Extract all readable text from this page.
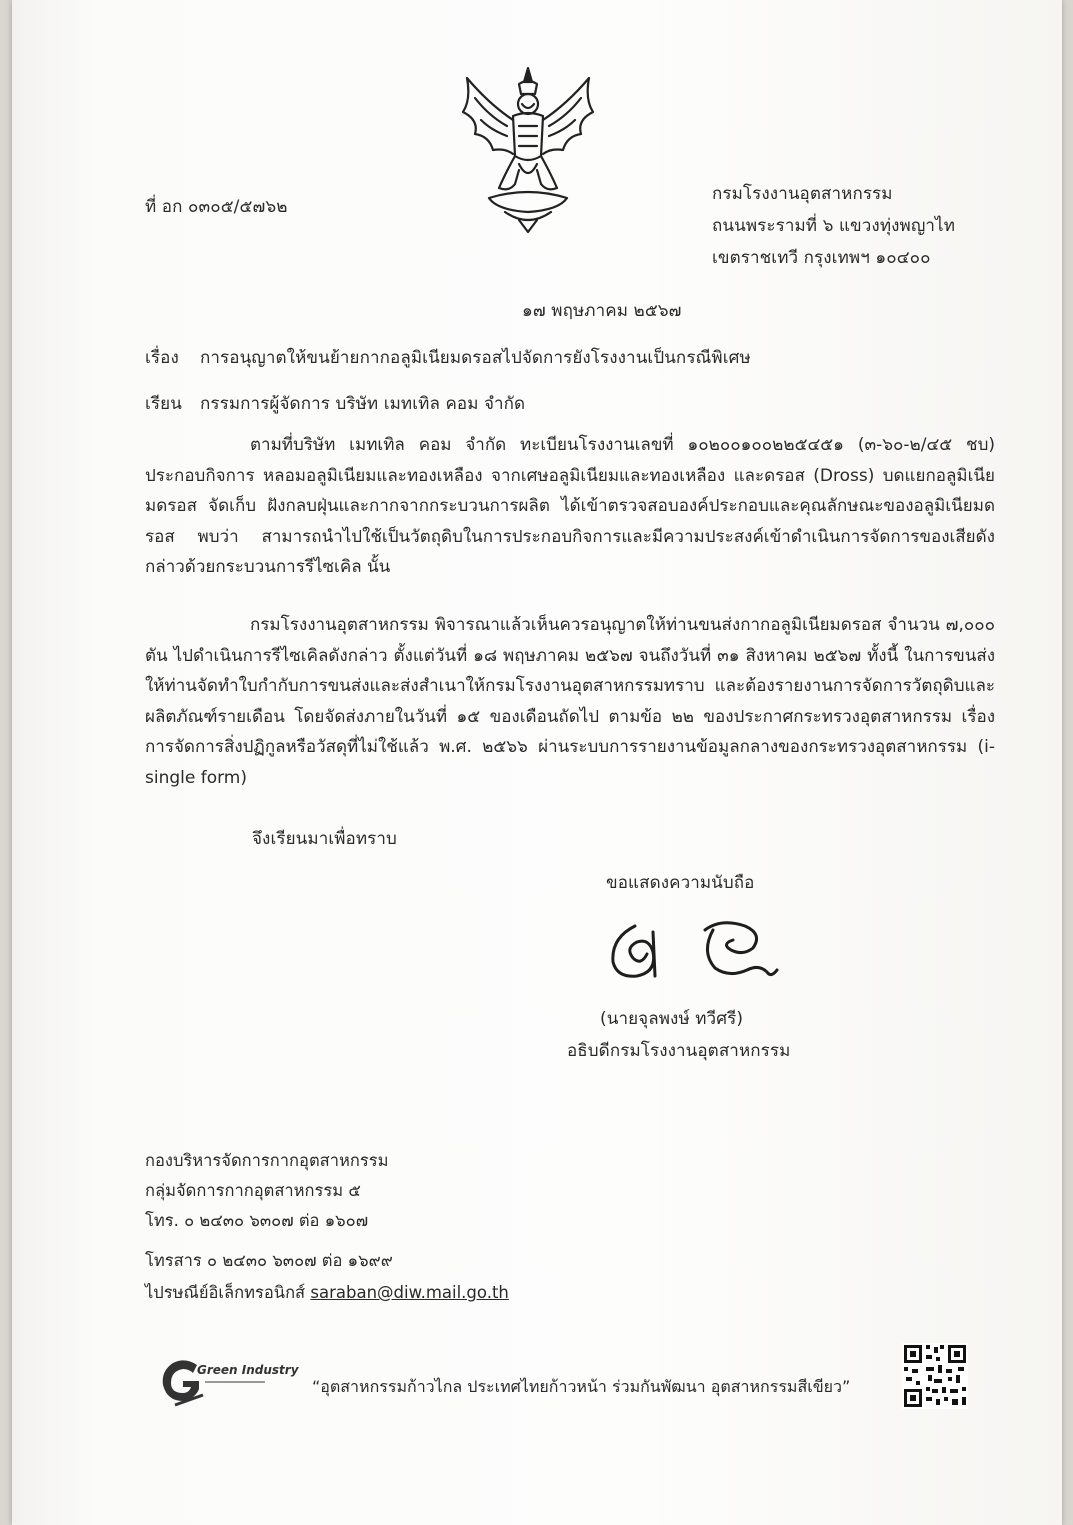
ที่ อก ๐๓๐๕/๕๗๖๒
กรมโรงงานอุตสาหกรรม
ถนนพระรามที่ ๖ แขวงทุ่งพญาไท
เขตราชเทวี กรุงเทพฯ ๑๐๔๐๐
๑๗ พฤษภาคม ๒๕๖๗
เรื่อง การอนุญาตให้ขนย้ายกากอลูมิเนียมดรอสไปจัดการยังโรงงานเป็นกรณีพิเศษ
เรียน กรรมการผู้จัดการ บริษัท เมทเทิล คอม จำกัด
ตามที่บริษัท เมทเทิล คอม จำกัด ทะเบียนโรงงานเลขที่ ๑๐๒๐๐๑๐๐๒๒๕๔๕๑ (๓-๖๐-๒/๔๕ ชบ) ประกอบกิจการ หลอมอลูมิเนียมและทองเหลือง จากเศษอลูมิเนียมและทองเหลือง และดรอส (Dross) บดแยกอลูมิเนียมดรอส จัดเก็บ ฝังกลบฝุ่นและกากจากกระบวนการผลิต ได้เข้าตรวจสอบองค์ประกอบและคุณลักษณะของอลูมิเนียมดรอส พบว่า สามารถนำไปใช้เป็นวัตถุดิบในการประกอบกิจการและมีความประสงค์เข้าดำเนินการจัดการของเสียดังกล่าวด้วยกระบวนการรีไซเคิล นั้น
กรมโรงงานอุตสาหกรรม พิจารณาแล้วเห็นควรอนุญาตให้ท่านขนส่งกากอลูมิเนียมดรอส จำนวน ๗,๐๐๐ ตัน ไปดำเนินการรีไซเคิลดังกล่าว ตั้งแต่วันที่ ๑๘ พฤษภาคม ๒๕๖๗ จนถึงวันที่ ๓๑ สิงหาคม ๒๕๖๗ ทั้งนี้ ในการขนส่งให้ท่านจัดทำใบกำกับการขนส่งและส่งสำเนาให้กรมโรงงานอุตสาหกรรมทราบ และต้องรายงานการจัดการวัตถุดิบและผลิตภัณฑ์รายเดือน โดยจัดส่งภายในวันที่ ๑๕ ของเดือนถัดไป ตามข้อ ๒๒ ของประกาศกระทรวงอุตสาหกรรม เรื่อง การจัดการสิ่งปฏิกูลหรือวัสดุที่ไม่ใช้แล้ว พ.ศ. ๒๕๖๖ ผ่านระบบการรายงานข้อมูลกลางของกระทรวงอุตสาหกรรม (i-single form)
จึงเรียนมาเพื่อทราบ
ขอแสดงความนับถือ
(นายจุลพงษ์ ทวีศรี)
อธิบดีกรมโรงงานอุตสาหกรรม
กองบริหารจัดการกากอุตสาหกรรม
กลุ่มจัดการกากอุตสาหกรรม ๕
โทร. ๐ ๒๔๓๐ ๖๓๐๗ ต่อ ๑๖๐๗
โทรสาร ๐ ๒๔๓๐ ๖๓๐๗ ต่อ ๑๖๙๙
ไปรษณีย์อิเล็กทรอนิกส์ saraban@diw.mail.go.th
Green Industry
“อุตสาหกรรมก้าวไกล ประเทศไทยก้าวหน้า ร่วมกันพัฒนา อุตสาหกรรมสีเขียว”
